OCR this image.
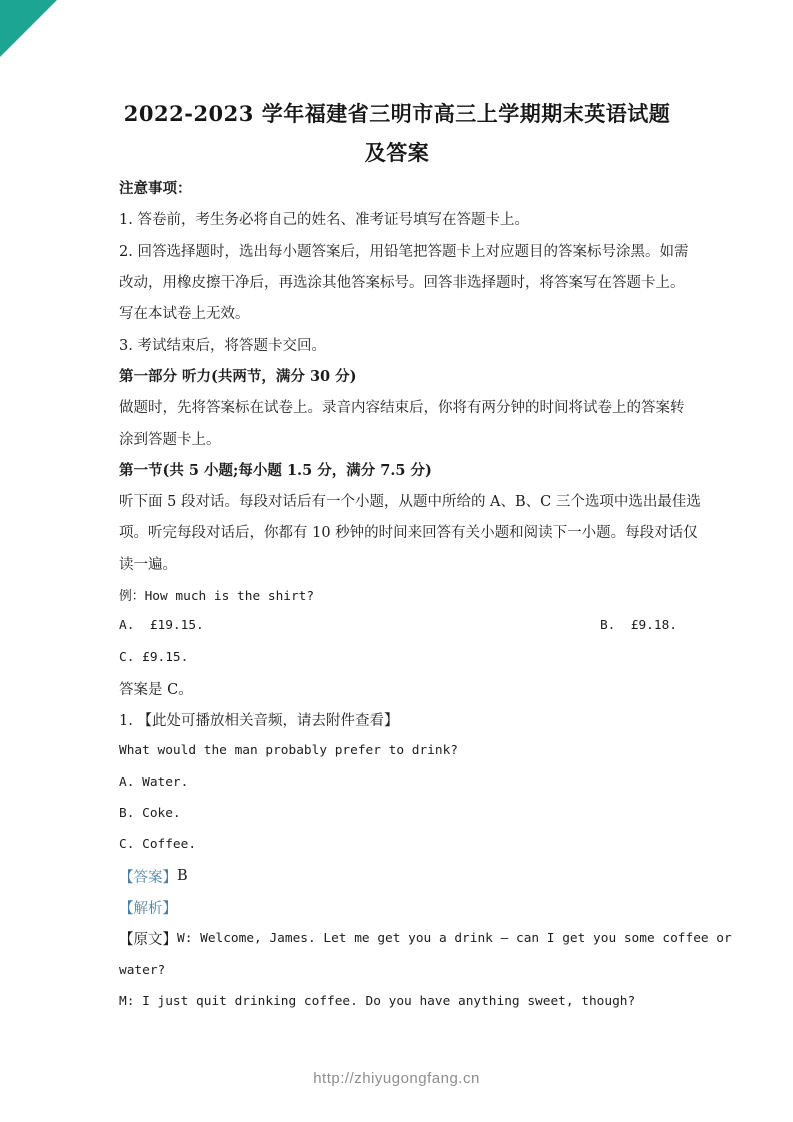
2022-2023 学年福建省三明市高三上学期期末英语试题及答案
注意事项：
1. 答卷前，考生务必将自己的姓名、准考证号填写在答题卡上。
2. 回答选择题时，选出每小题答案后，用铅笔把答题卡上对应题目的答案标号涂黑。如需
改动，用橡皮擦干净后，再选涂其他答案标号。回答非选择题时，将答案写在答题卡上。
写在本试卷上无效。
3. 考试结束后，将答题卡交回。
第一部分 听力(共两节，满分 30 分)
做题时，先将答案标在试卷上。录音内容结束后，你将有两分钟的时间将试卷上的答案转
涂到答题卡上。
第一节(共 5 小题;每小题 1.5 分，满分 7.5 分)
听下面 5 段对话。每段对话后有一个小题，从题中所给的 A、B、C 三个选项中选出最佳选
项。听完每段对话后，你都有 10 秒钟的时间来回答有关小题和阅读下一小题。每段对话仅
读一遍。
例：How much is the shirt?
A.  £19.15.	B.  £9.18.
C. £9.15.
答案是 C。
1. 【此处可播放相关音频，请去附件查看】
What would the man probably prefer to drink?
A. Water.
B. Coke.
C. Coffee.
【答案】 B
【解析】
【原文】 W: Welcome, James. Let me get you a drink — can I get you some coffee or
water?
M: I just quit drinking coffee. Do you have anything sweet, though?
http://zhiyugongfang.cn
